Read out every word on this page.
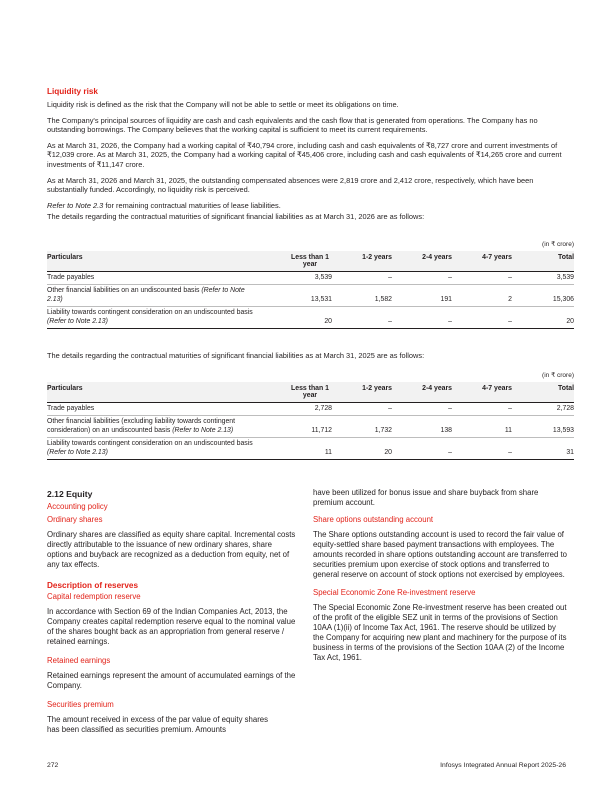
Liquidity risk

Liquidity risk is defined as the risk that the Company will not be able to settle or meet its obligations on time.

The Company's principal sources of liquidity are cash and cash equivalents and the cash flow that is generated from operations. The Company has no outstanding borrowings. The Company believes that the working capital is sufficient to meet its current requirements.

As at March 31, 2026, the Company had a working capital of ₹40,794 crore, including cash and cash equivalents of ₹8,727 crore and current investments of ₹12,039 crore. As at March 31, 2025, the Company had a working capital of ₹45,406 crore, including cash and cash equivalents of ₹14,265 crore and current investments of ₹11,147 crore.

As at March 31, 2026 and March 31, 2025, the outstanding compensated absences were 2,819 crore and 2,412 crore, respectively, which have been substantially funded. Accordingly, no liquidity risk is perceived.

Refer to Note 2.3 for remaining contractual maturities of lease liabilities.

The details regarding the contractual maturities of significant financial liabilities as at March 31, 2026 are as follows:

(in ₹ crore)
Particulars	Less than 1 year	1-2 years	2-4 years	4-7 years	Total
Trade payables	3,539	–	–	–	3,539
Other financial liabilities on an undiscounted basis (Refer to Note 2.13)	13,531	1,582	191	2	15,306
Liability towards contingent consideration on an undiscounted basis (Refer to Note 2.13)	20	–	–	–	20

The details regarding the contractual maturities of significant financial liabilities as at March 31, 2025 are as follows:

(in ₹ crore)
Particulars	Less than 1 year	1-2 years	2-4 years	4-7 years	Total
Trade payables	2,728	–	–	–	2,728
Other financial liabilities (excluding liability towards contingent consideration) on an undiscounted basis (Refer to Note 2.13)	11,712	1,732	138	11	13,593
Liability towards contingent consideration on an undiscounted basis (Refer to Note 2.13)	11	20	–	–	31
2.12 Equity
Accounting policy
Ordinary shares

Ordinary shares are classified as equity share capital. Incremental costs directly attributable to the issuance of new ordinary shares, share options and buyback are recognized as a deduction from equity, net of any tax effects.

Description of reserves
Capital redemption reserve

In accordance with Section 69 of the Indian Companies Act, 2013, the Company creates capital redemption reserve equal to the nominal value of the shares bought back as an appropriation from general reserve / retained earnings.

Retained earnings

Retained earnings represent the amount of accumulated earnings of the Company.

Securities premium

The amount received in excess of the par value of equity shares has been classified as securities premium. Amounts

have been utilized for bonus issue and share buyback from share premium account.

Share options outstanding account

The Share options outstanding account is used to record the fair value of equity-settled share based payment transactions with employees. The amounts recorded in share options outstanding account are transferred to securities premium upon exercise of stock options and transferred to general reserve on account of stock options not exercised by employees.

Special Economic Zone Re-investment reserve

The Special Economic Zone Re-investment reserve has been created out of the profit of the eligible SEZ unit in terms of the provisions of Section 10AA (1)(ii) of Income Tax Act, 1961. The reserve should be utilized by the Company for acquiring new plant and machinery for the purpose of its business in terms of the provisions of the Section 10AA (2) of the Income Tax Act, 1961.

272	Infosys Integrated Annual Report 2025-26
